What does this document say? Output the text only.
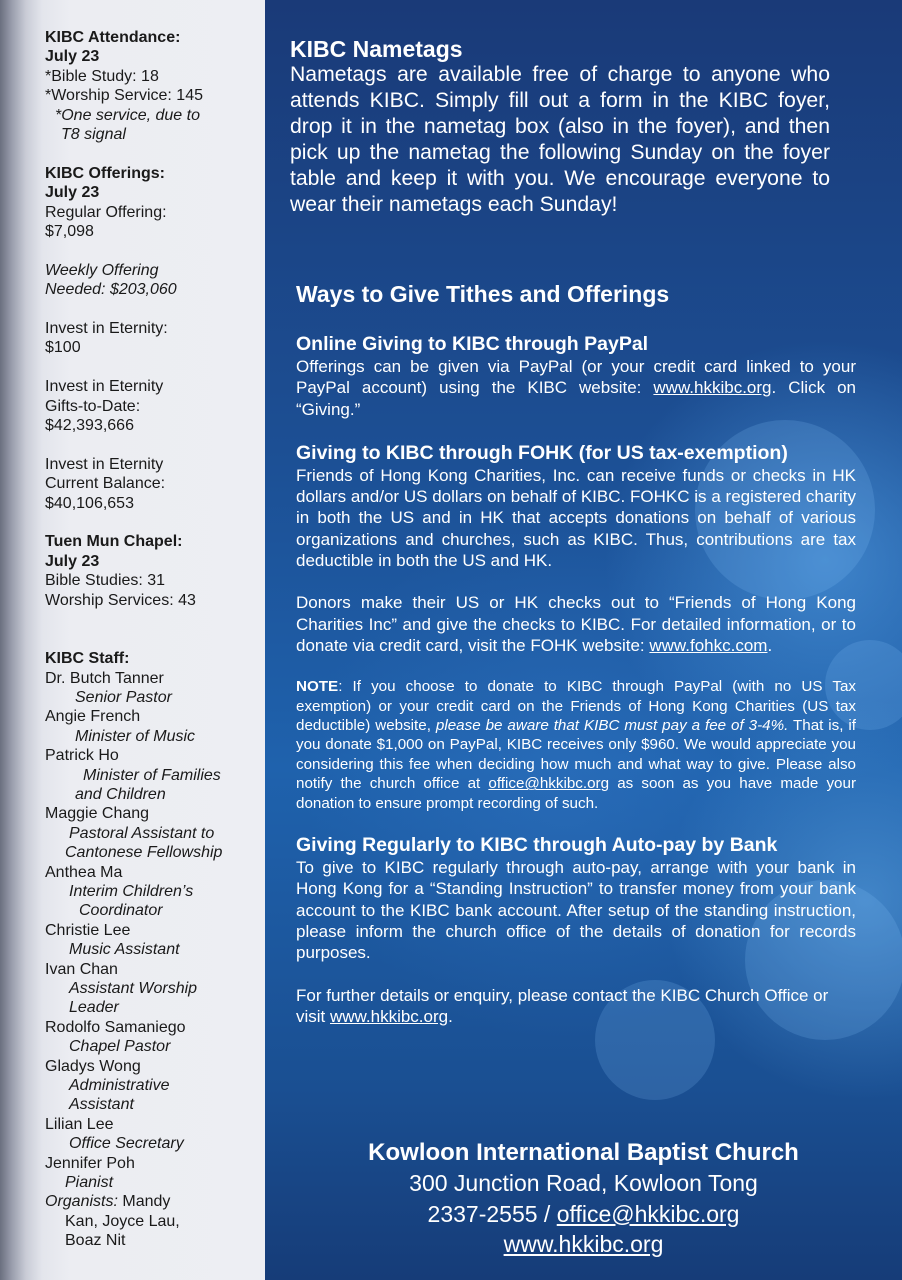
KIBC Attendance:
July 23
*Bible Study: 18
*Worship Service: 145
*One service, due to
T8 signal
KIBC Offerings:
July 23
Regular Offering:
$7,098
Weekly Offering
Needed: $203,060
Invest in Eternity:
$100
Invest in Eternity
Gifts-to-Date:
$42,393,666
Invest in Eternity
Current Balance:
$40,106,653
Tuen Mun Chapel:
July 23
Bible Studies: 31
Worship Services: 43
KIBC Staff:
Dr. Butch Tanner
Senior Pastor
Angie French
Minister of Music
Patrick Ho
Minister of Families
and Children
Maggie Chang
Pastoral Assistant to
Cantonese Fellowship
Anthea Ma
Interim Children’s
Coordinator
Christie Lee
Music Assistant
Ivan Chan
Assistant Worship
Leader
Rodolfo Samaniego
Chapel Pastor
Gladys Wong
Administrative
Assistant
Lilian Lee
Office Secretary
Jennifer Poh
Pianist
Organists: Mandy
Kan, Joyce Lau,
Boaz Nit
KIBC Nametags
Nametags are available free of charge to anyone who attends KIBC. Simply fill out a form in the KIBC foyer, drop it in the nametag box (also in the foyer), and then pick up the nametag the following Sunday on the foyer table and keep it with you. We encourage everyone to wear their nametags each Sunday!
Ways to Give Tithes and Offerings
Online Giving to KIBC through PayPal
Offerings can be given via PayPal (or your credit card linked to your PayPal account) using the KIBC website: www.hkkibc.org. Click on “Giving.”
Giving to KIBC through FOHK (for US tax-exemption)
Friends of Hong Kong Charities, Inc. can receive funds or checks in HK dollars and/or US dollars on behalf of KIBC. FOHKC is a registered charity in both the US and in HK that accepts donations on behalf of various organizations and churches, such as KIBC. Thus, contributions are tax deductible in both the US and HK.
Donors make their US or HK checks out to “Friends of Hong Kong Charities Inc” and give the checks to KIBC. For detailed information, or to donate via credit card, visit the FOHK website: www.fohkc.com.
NOTE: If you choose to donate to KIBC through PayPal (with no US Tax exemption) or your credit card on the Friends of Hong Kong Charities (US tax deductible) website, please be aware that KIBC must pay a fee of 3-4%. That is, if you donate $1,000 on PayPal, KIBC receives only $960. We would appreciate you considering this fee when deciding how much and what way to give. Please also notify the church office at office@hkkibc.org as soon as you have made your donation to ensure prompt recording of such.
Giving Regularly to KIBC through Auto-pay by Bank
To give to KIBC regularly through auto-pay, arrange with your bank in Hong Kong for a “Standing Instruction” to transfer money from your bank account to the KIBC bank account. After setup of the standing instruction, please inform the church office of the details of donation for records purposes.
For further details or enquiry, please contact the KIBC Church Office or visit www.hkkibc.org.
Kowloon International Baptist Church
300 Junction Road, Kowloon Tong
2337-2555 / office@hkkibc.org
www.hkkibc.org
